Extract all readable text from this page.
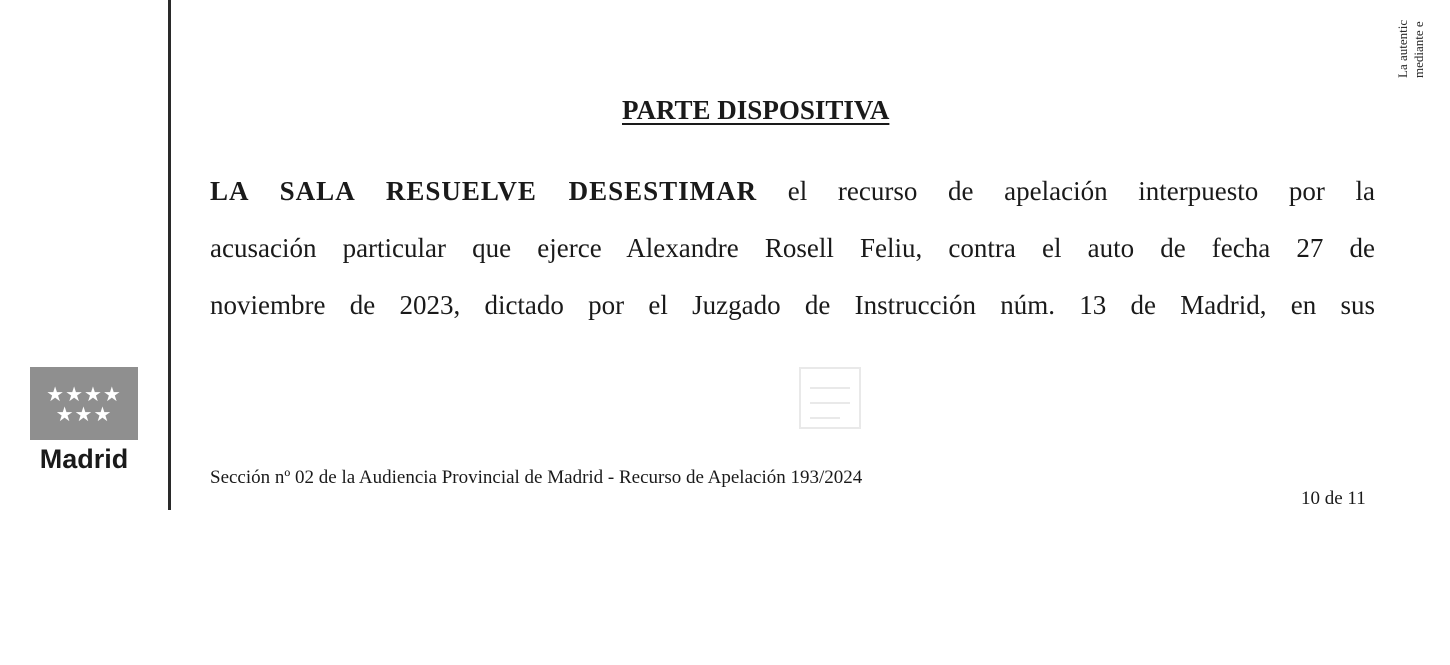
★★★★
★★★
Madrid
PARTE DISPOSITIVA
LA SALA RESUELVE DESESTIMAR el recurso de apelación interpuesto por la
acusación particular que ejerce Alexandre Rosell Feliu, contra el auto de fecha 27 de
noviembre de 2023, dictado por el Juzgado de Instrucción núm. 13 de Madrid, en sus
Sección nº 02 de la Audiencia Provincial de Madrid - Recurso de Apelación 193/2024
10 de 11
La autentic mediante e
